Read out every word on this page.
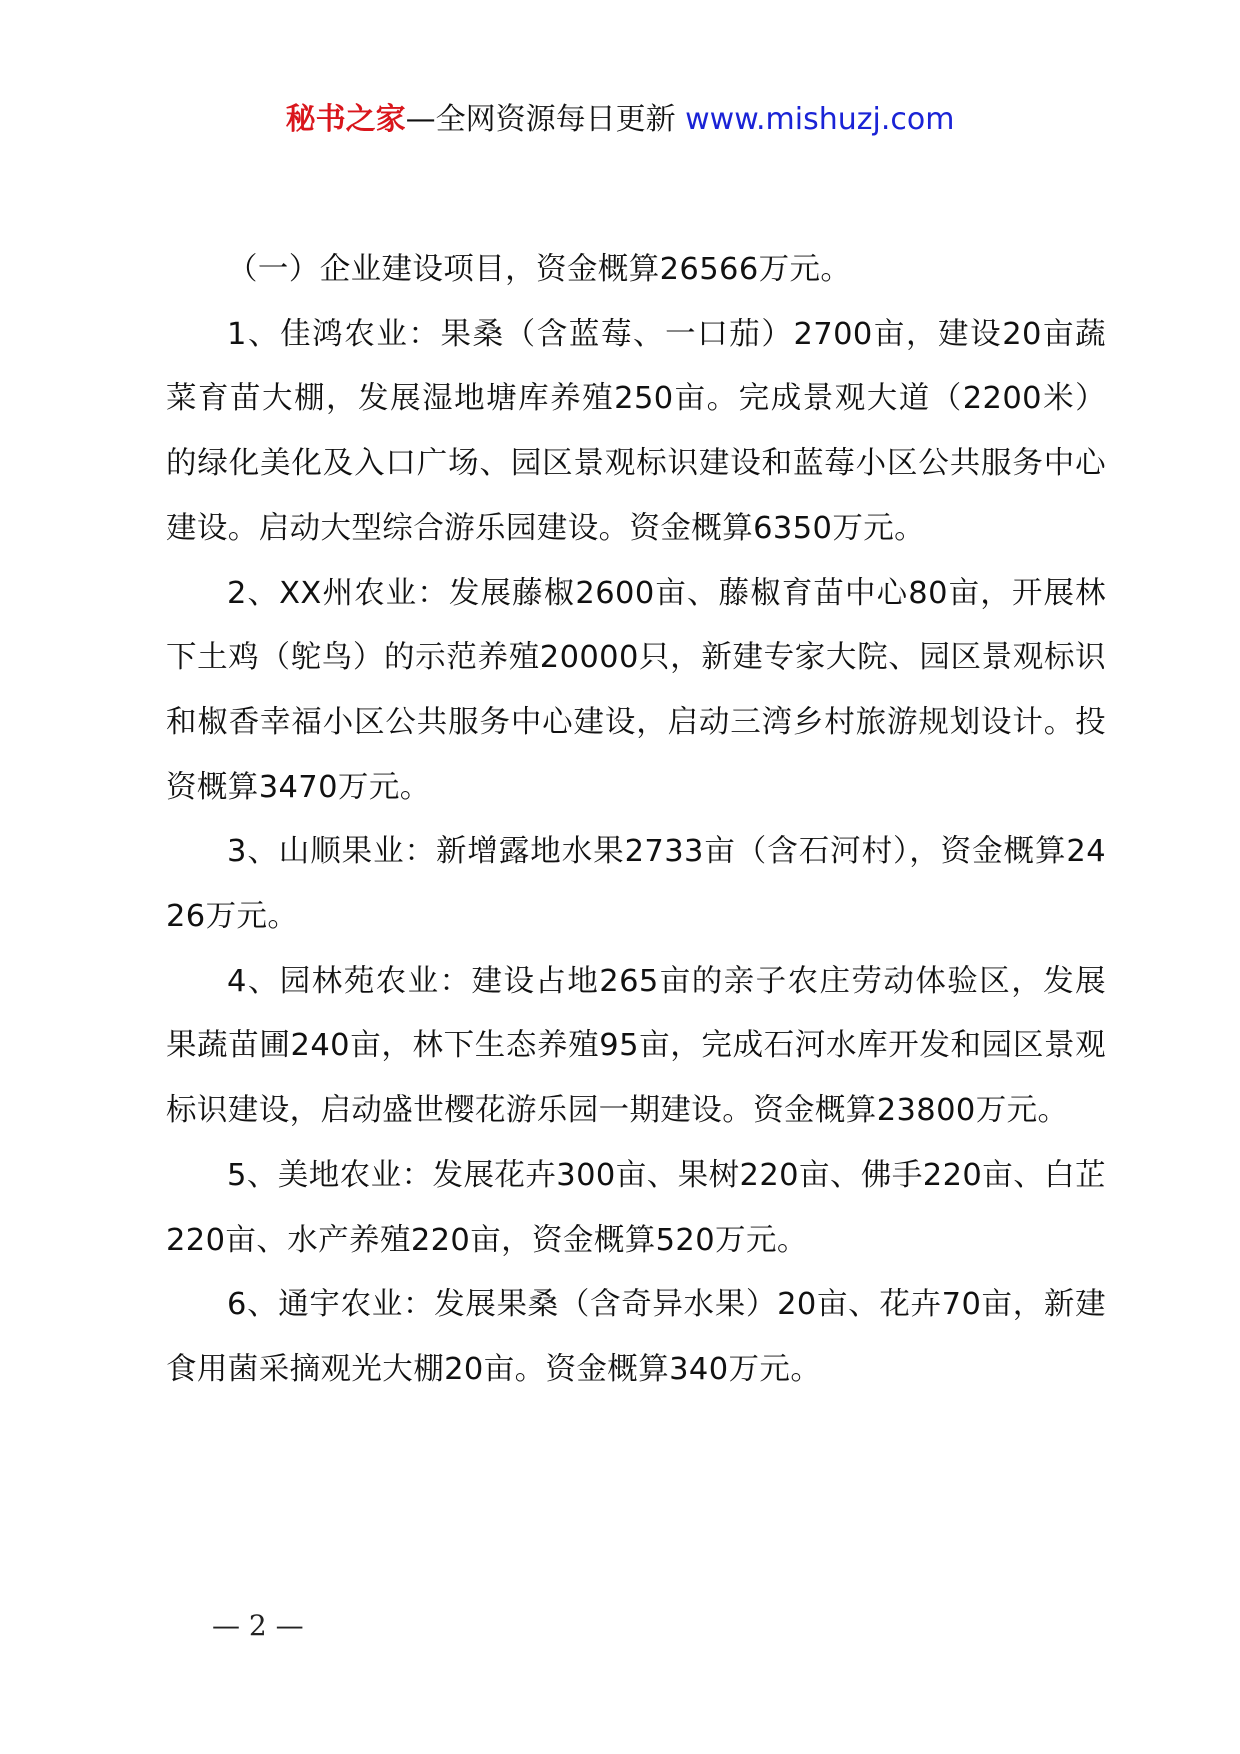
秘书之家—全网资源每日更新 www.mishuzj.com

（一）企业建设项目，资金概算26566万元。

1、佳鸿农业：果桑（含蓝莓、一口茄）2700亩，建设20亩蔬菜育苗大棚，发展湿地塘库养殖250亩。完成景观大道（2200米）的绿化美化及入口广场、园区景观标识建设和蓝莓小区公共服务中心建设。启动大型综合游乐园建设。资金概算6350万元。

2、XX州农业：发展藤椒2600亩、藤椒育苗中心80亩，开展林下土鸡（鸵鸟）的示范养殖20000只，新建专家大院、园区景观标识和椒香幸福小区公共服务中心建设，启动三湾乡村旅游规划设计。投资概算3470万元。

3、山顺果业：新增露地水果2733亩（含石河村），资金概算2426万元。

4、园林苑农业：建设占地265亩的亲子农庄劳动体验区，发展果蔬苗圃240亩，林下生态养殖95亩，完成石河水库开发和园区景观标识建设，启动盛世樱花游乐园一期建设。资金概算23800万元。

5、美地农业：发展花卉300亩、果树220亩、佛手220亩、白芷220亩、水产养殖220亩，资金概算520万元。

6、通宇农业：发展果桑（含奇异水果）20亩、花卉70亩，新建食用菌采摘观光大棚20亩。资金概算340万元。

— 2 —
